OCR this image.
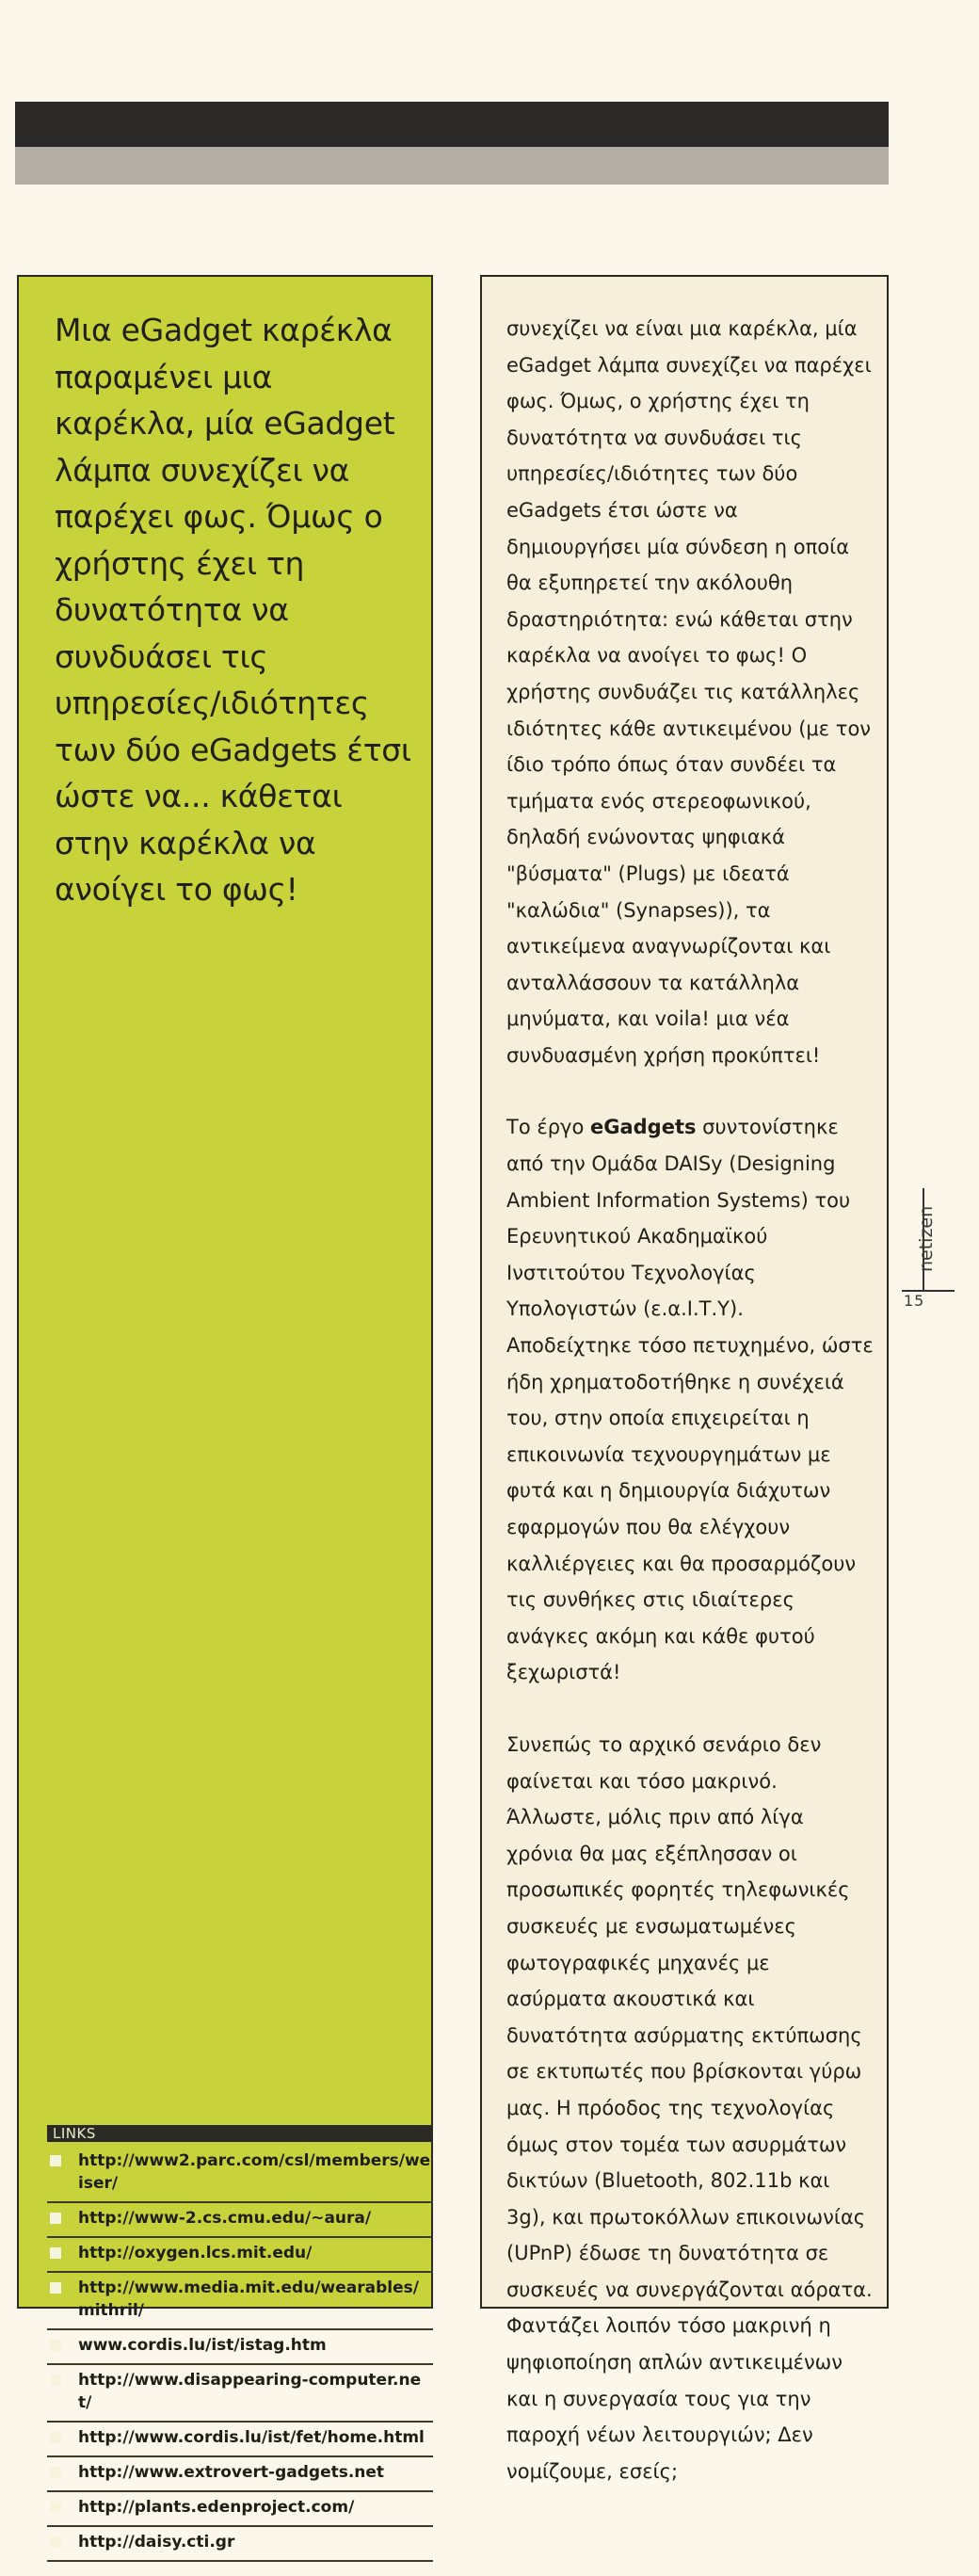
Μια eGadget καρέκλα παραμένει μια καρέκλα, μία eGadget λάμπα συνεχίζει να παρέχει φως. Όμως ο χρήστης έχει τη δυνατότητα να συνδυάσει τις υπηρεσίες/ιδιότητες των δύο eGadgets έτσι ώστε να... κάθεται στην καρέκλα να ανοίγει το φως!

LINKS
http://www2.parc.com/csl/members/weiser/
http://www-2.cs.cmu.edu/~aura/
http://oxygen.lcs.mit.edu/
http://www.media.mit.edu/wearables/mithril/
www.cordis.lu/ist/istag.htm
http://www.disappearing-computer.net/
http://www.cordis.lu/ist/fet/home.html
http://www.extrovert-gadgets.net
http://plants.edenproject.com/
http://daisy.cti.gr

συνεχίζει να είναι μια καρέκλα, μία eGadget λάμπα συνεχίζει να παρέχει φως. Όμως, ο χρήστης έχει τη δυνατότητα να συνδυάσει τις υπηρεσίες/ιδιότητες των δύο eGadgets έτσι ώστε να δημιουργήσει μία σύνδεση η οποία θα εξυπηρετεί την ακόλουθη δραστηριότητα: ενώ κάθεται στην καρέκλα να ανοίγει το φως! Ο χρήστης συνδυάζει τις κατάλληλες ιδιότητες κάθε αντικειμένου (με τον ίδιο τρόπο όπως όταν συνδέει τα τμήματα ενός στερεοφωνικού, δηλαδή ενώνοντας ψηφιακά "βύσματα" (Plugs) με ιδεατά "καλώδια" (Synapses)), τα αντικείμενα αναγνωρίζονται και ανταλλάσσουν τα κατάλληλα μηνύματα, και voila! μια νέα συνδυασμένη χρήση προκύπτει!

Το έργο eGadgets συντονίστηκε από την Ομάδα DAISy (Designing Ambient Information Systems) του Ερευνητικού Ακαδημαϊκού Ινστιτούτου Τεχνολογίας Υπολογιστών (ε.α.Ι.Τ.Υ). Αποδείχτηκε τόσο πετυχημένο, ώστε ήδη χρηματοδοτήθηκε η συνέχειά του, στην οποία επιχειρείται η επικοινωνία τεχνουργημάτων με φυτά και η δημιουργία διάχυτων εφαρμογών που θα ελέγχουν καλλιέργειες και θα προσαρμόζουν τις συνθήκες στις ιδιαίτερες ανάγκες ακόμη και κάθε φυτού ξεχωριστά!

Συνεπώς το αρχικό σενάριο δεν φαίνεται και τόσο μακρινό. Άλλωστε, μόλις πριν από λίγα χρόνια θα μας εξέπλησσαν οι προσωπικές φορητές τηλεφωνικές συσκευές με ενσωματωμένες φωτογραφικές μηχανές με ασύρματα ακουστικά και δυνατότητα ασύρματης εκτύπωσης σε εκτυπωτές που βρίσκονται γύρω μας. Η πρόοδος της τεχνολογίας όμως στον τομέα των ασυρμάτων δικτύων (Bluetooth, 802.11b και 3g), και πρωτοκόλλων επικοινωνίας (UPnP) έδωσε τη δυνατότητα σε συσκευές να συνεργάζονται αόρατα. Φαντάζει λοιπόν τόσο μακρινή η ψηφιοποίηση απλών αντικειμένων και η συνεργασία τους για την παροχή νέων λειτουργιών; Δεν νομίζουμε, εσείς;

netizen
15
